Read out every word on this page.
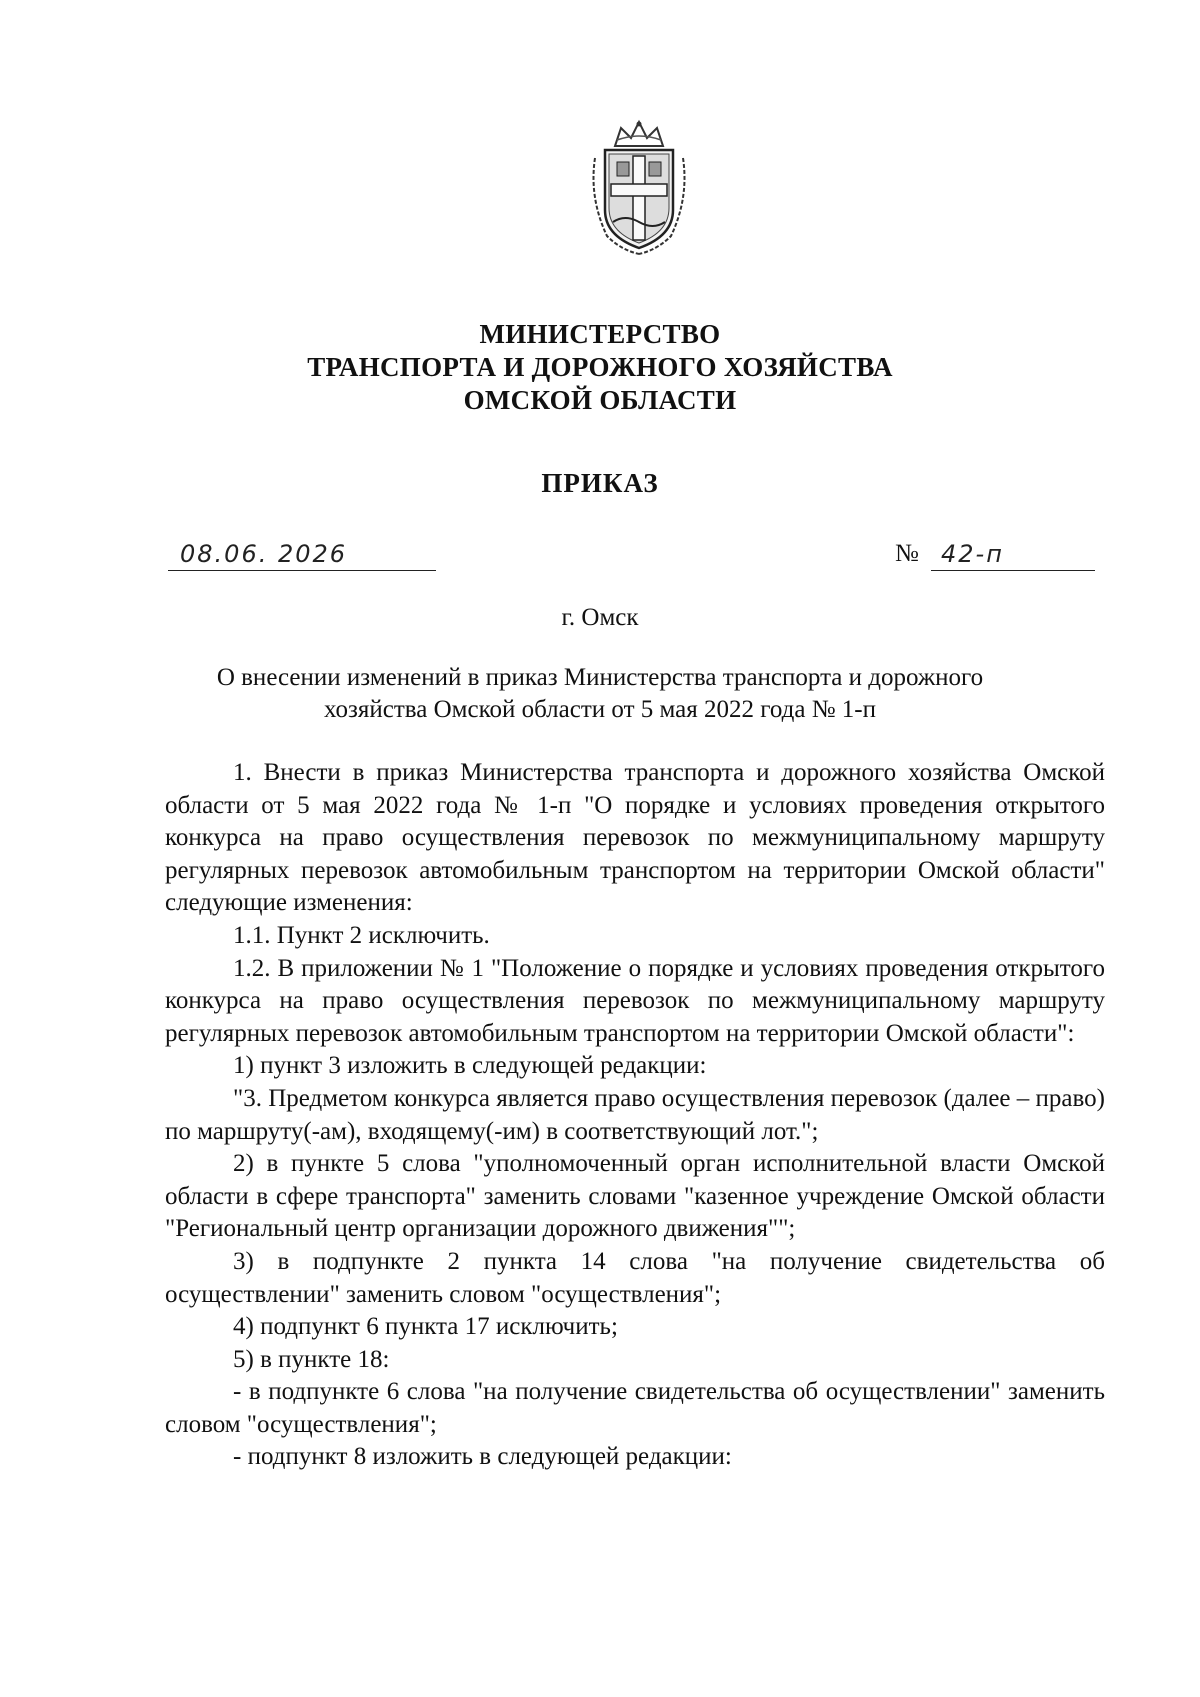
МИНИСТЕРСТВО
ТРАНСПОРТА И ДОРОЖНОГО ХОЗЯЙСТВА
ОМСКОЙ ОБЛАСТИ
ПРИКАЗ
08.06. 2026	№ 42-п
г. Омск
О внесении изменений в приказ Министерства транспорта и дорожного
хозяйства Омской области от 5 мая 2022 года № 1-п

1. Внести в приказ Министерства транспорта и дорожного хозяйства Омской области от 5 мая 2022 года № 1-п "О порядке и условиях проведения открытого конкурса на право осуществления перевозок по межмуниципальному маршруту регулярных перевозок автомобильным транспортом на территории Омской области" следующие изменения:

1.1. Пункт 2 исключить.

1.2. В приложении № 1 "Положение о порядке и условиях проведения открытого конкурса на право осуществления перевозок по межмуниципальному маршруту регулярных перевозок автомобильным транспортом на территории Омской области":

1) пункт 3 изложить в следующей редакции:

"3. Предметом конкурса является право осуществления перевозок (далее – право) по маршруту(-ам), входящему(-им) в соответствующий лот.";

2) в пункте 5 слова "уполномоченный орган исполнительной власти Омской области в сфере транспорта" заменить словами "казенное учреждение Омской области "Региональный центр организации дорожного движения"";

3) в подпункте 2 пункта 14 слова "на получение свидетельства об осуществлении" заменить словом "осуществления";

4) подпункт 6 пункта 17 исключить;

5) в пункте 18:

- в подпункте 6 слова "на получение свидетельства об осуществлении" заменить словом "осуществления";

- подпункт 8 изложить в следующей редакции:
